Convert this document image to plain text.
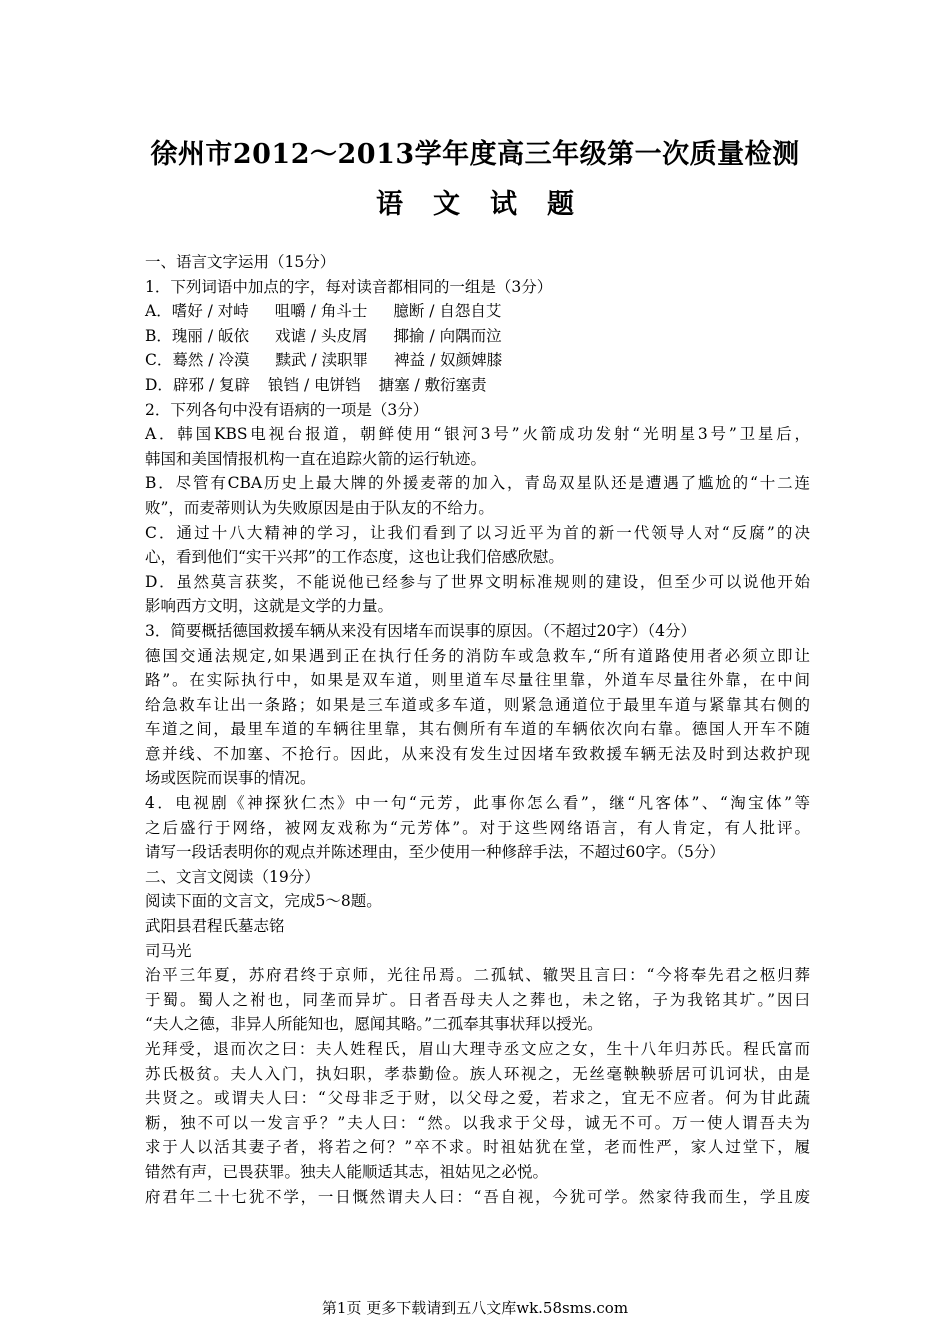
徐州市2012～2013学年度高三年级第一次质量检测
语文试题
一、语言文字运用（15分）
1．下列词语中加点的字，每对读音都相同的一组是（3分）
A．嗜好 / 对峙 咀嚼 / 角斗士 臆断 / 自怨自艾
B．瑰丽 / 皈依 戏谑 / 头皮屑 揶揄 / 向隅而泣
C．蓦然 / 冷漠 黩武 / 渎职罪 裨益 / 奴颜婢膝
D．辟邪 / 复辟 锒铛 / 电饼铛 搪塞 / 敷衍塞责
2．下列各句中没有语病的一项是（3分）
A．韩国KBS电视台报道，朝鲜使用“银河3号”火箭成功发射“光明星3号”卫星后，
韩国和美国情报机构一直在追踪火箭的运行轨迹。
B．尽管有CBA历史上最大牌的外援麦蒂的加入，青岛双星队还是遭遇了尴尬的“十二连
败”，而麦蒂则认为失败原因是由于队友的不给力。
C．通过十八大精神的学习，让我们看到了以习近平为首的新一代领导人对“反腐”的决
心，看到他们“实干兴邦”的工作态度，这也让我们倍感欣慰。
D．虽然莫言获奖，不能说他已经参与了世界文明标准规则的建设，但至少可以说他开始
影响西方文明，这就是文学的力量。
3．简要概括德国救援车辆从来没有因堵车而误事的原因。（不超过20字）（4分）
德国交通法规定,如果遇到正在执行任务的消防车或急救车,“所有道路使用者必须立即让
路”。在实际执行中，如果是双车道，则里道车尽量往里靠，外道车尽量往外靠，在中间
给急救车让出一条路；如果是三车道或多车道，则紧急通道位于最里车道与紧靠其右侧的
车道之间，最里车道的车辆往里靠，其右侧所有车道的车辆依次向右靠。德国人开车不随
意并线、不加塞、不抢行。因此，从来没有发生过因堵车致救援车辆无法及时到达救护现
场或医院而误事的情况。
4．电视剧《神探狄仁杰》中一句“元芳，此事你怎么看”，继“凡客体”、“淘宝体”等
之后盛行于网络，被网友戏称为“元芳体”。对于这些网络语言，有人肯定，有人批评。
请写一段话表明你的观点并陈述理由，至少使用一种修辞手法，不超过60字。（5分）
二、文言文阅读（19分）
阅读下面的文言文，完成5～8题。
武阳县君程氏墓志铭
司马光
治平三年夏，苏府君终于京师，光往吊焉。二孤轼、辙哭且言曰：“今将奉先君之柩归葬
于蜀。蜀人之祔也，同垄而异圹。日者吾母夫人之葬也，未之铭，子为我铭其圹。”因曰
“夫人之德，非异人所能知也，愿闻其略。”二孤奉其事状拜以授光。
光拜受，退而次之曰：夫人姓程氏，眉山大理寺丞文应之女，生十八年归苏氏。程氏富而
苏氏极贫。夫人入门，执妇职，孝恭勤俭。族人环视之，无丝毫鞅鞅骄居可讥诃状，由是
共贤之。或谓夫人曰：“父母非乏于财，以父母之爱，若求之，宜无不应者。何为甘此蔬
粝，独不可以一发言乎？”夫人曰：“然。以我求于父母，诚无不可。万一使人谓吾夫为
求于人以活其妻子者，将若之何？”卒不求。时祖姑犹在堂，老而性严，家人过堂下，履
错然有声，已畏获罪。独夫人能顺适其志，祖姑见之必悦。
府君年二十七犹不学，一日慨然谓夫人曰：“吾自视，今犹可学。然家待我而生，学且废
第1页 更多下载请到五八文库wk.58sms.com
